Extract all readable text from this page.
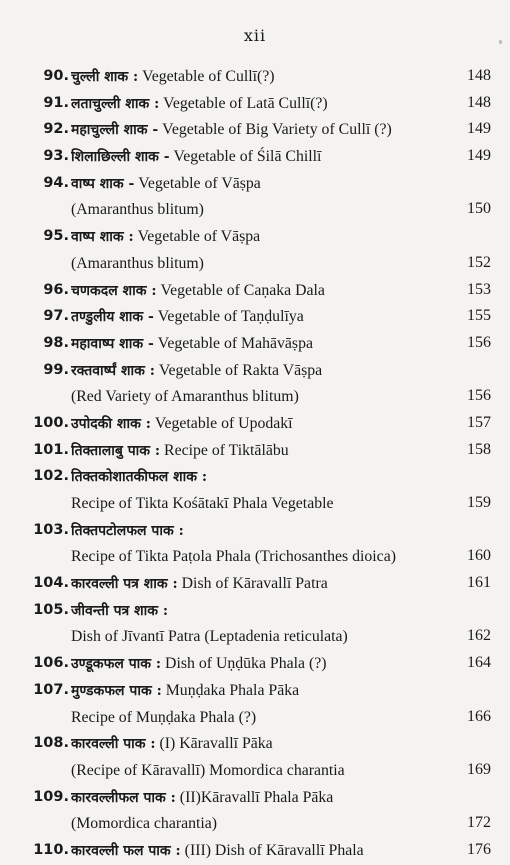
xii
90. चुल्ली शाक : Vegetable of Cullī(?)	148
91. लताचुल्ली शाक : Vegetable of Latā Cullī(?)	148
92. महाचुल्ली शाक - Vegetable of Big Variety of Cullī (?)	149
93. शिलाछिल्ली शाक - Vegetable of Śilā Chillī	149
94. वाष्प शाक - Vegetable of Vāṣpa
(Amaranthus blitum)	150
95. वाष्प शाक : Vegetable of Vāṣpa
(Amaranthus blitum)	152
96. चणकदल शाक : Vegetable of Caṇaka Dala	153
97. तण्डुलीय शाक - Vegetable of Taṇḍulīya	155
98. महावाष्प शाक - Vegetable of Mahāvāṣpa	156
99. रक्तवार्ष्पं शाक : Vegetable of Rakta Vāṣpa
(Red Variety of Amaranthus blitum)	156
100. उपोदकी शाक : Vegetable of Upodakī	157
101. तिक्तालाबु पाक : Recipe of Tiktālābu	158
102. तिक्तकोशातकीफल शाक :
Recipe of Tikta Kośātakī Phala Vegetable	159
103. तिक्तपटोलफल पाक :
Recipe of Tikta Paṭola Phala (Trichosanthes dioica)	160
104. कारवल्ली पत्र शाक : Dish of Kāravallī Patra	161
105. जीवन्ती पत्र शाक :
Dish of Jīvantī Patra (Leptadenia reticulata)	162
106. उण्डूकफल पाक : Dish of Uṇḍūka Phala (?)	164
107. मुण्डकफल पाक : Muṇḍaka Phala Pāka
Recipe of Muṇḍaka Phala (?)	166
108. कारवल्ली पाक : (I) Kāravallī Pāka
(Recipe of Kāravallī) Momordica charantia	169
109. कारवल्लीफल पाक : (II)Kāravallī Phala Pāka
(Momordica charantia)	172
110. कारवल्ली फल पाक : (III) Dish of Kāravallī Phala	176
